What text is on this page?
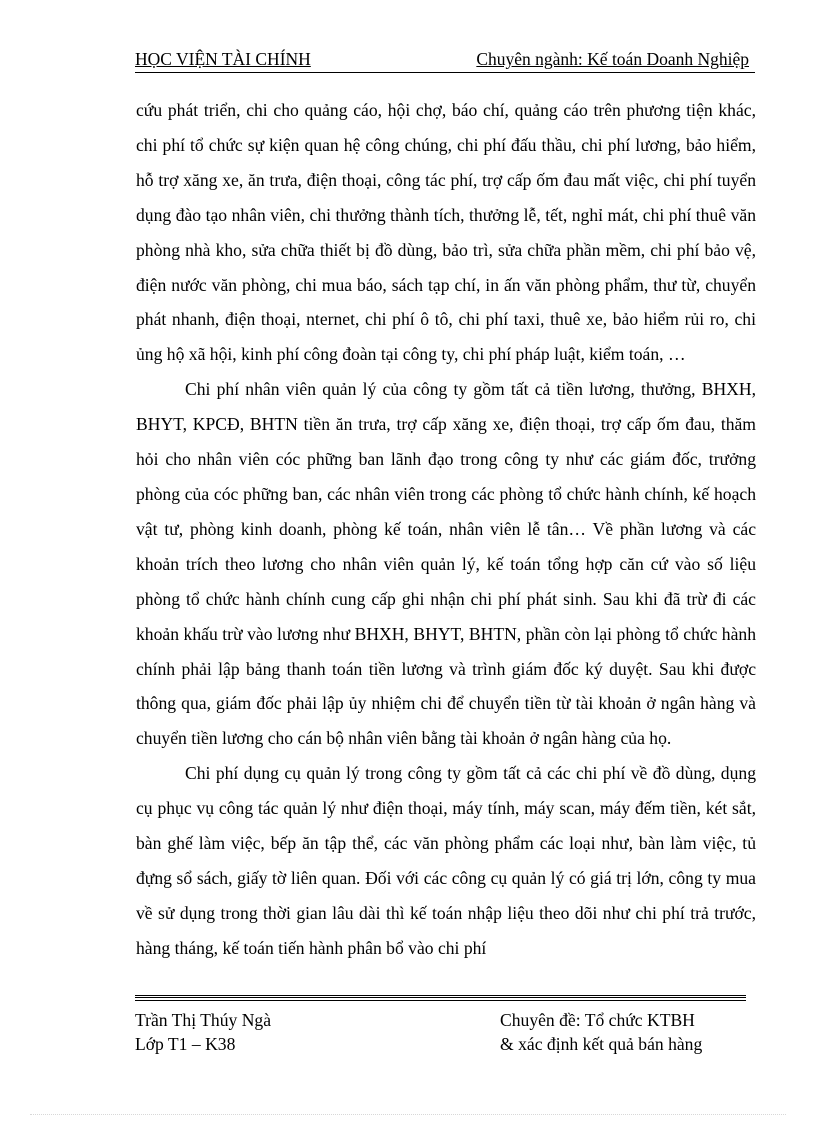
HỌC VIỆN TÀI CHÍNH	Chuyên ngành: Kế toán Doanh Nghiệp

cứu phát triển, chi cho quảng cáo, hội chợ, báo chí, quảng cáo trên phương tiện khác, chi phí tổ chức sự kiện quan hệ công chúng, chi phí đấu thầu, chi phí lương, bảo hiểm, hỗ trợ xăng xe, ăn trưa, điện thoại, công tác phí, trợ cấp ốm đau mất việc, chi phí tuyển dụng đào tạo nhân viên, chi thưởng thành tích, thưởng lễ, tết, nghỉ mát, chi phí thuê văn phòng nhà kho, sửa chữa thiết bị đồ dùng, bảo trì, sửa chữa phần mềm, chi phí bảo vệ, điện nước văn phòng, chi mua báo, sách tạp chí, in ấn văn phòng phẩm, thư từ, chuyển phát nhanh, điện thoại, nternet, chi phí ô tô, chi phí taxi, thuê xe, bảo hiểm rủi ro, chi ủng hộ xã hội, kinh phí công đoàn tại công ty, chi phí pháp luật, kiểm toán, …

Chi phí nhân viên quản lý của công ty gồm tất cả tiền lương, thưởng, BHXH, BHYT, KPCĐ, BHTN tiền ăn trưa, trợ cấp xăng xe, điện thoại, trợ cấp ốm đau, thăm hỏi cho nhân viên cóc phững ban lãnh đạo trong công ty như các giám đốc, trưởng phòng của cóc phững ban, các nhân viên trong các phòng tổ chức hành chính, kế hoạch vật tư, phòng kinh doanh, phòng kế toán, nhân viên lễ tân… Về phần lương và các khoản trích theo lương cho nhân viên quản lý, kế toán tổng hợp căn cứ vào số liệu phòng tổ chức hành chính cung cấp ghi nhận chi phí phát sinh. Sau khi đã trừ đi các khoản khấu trừ vào lương như BHXH, BHYT, BHTN, phần còn lại phòng tổ chức hành chính phải lập bảng thanh toán tiền lương và trình giám đốc ký duyệt. Sau khi được thông qua, giám đốc phải lập ủy nhiệm chi để chuyển tiền từ tài khoản ở ngân hàng và chuyển tiền lương cho cán bộ nhân viên bằng tài khoản ở ngân hàng của họ.

Chi phí dụng cụ quản lý trong công ty gồm tất cả các chi phí về đồ dùng, dụng cụ phục vụ công tác quản lý như điện thoại, máy tính, máy scan, máy đếm tiền, két sắt, bàn ghế làm việc, bếp ăn tập thể, các văn phòng phẩm các loại như, bàn làm việc, tủ đựng sổ sách, giấy tờ liên quan. Đối với các công cụ quản lý có giá trị lớn, công ty mua về sử dụng trong thời gian lâu dài thì kế toán nhập liệu theo dõi như chi phí trả trước, hàng tháng, kế toán tiến hành phân bổ vào chi phí

Trần Thị Thúy Ngà	Chuyên đề: Tổ chức KTBH
Lớp T1 – K38	& xác định kết quả bán hàng
